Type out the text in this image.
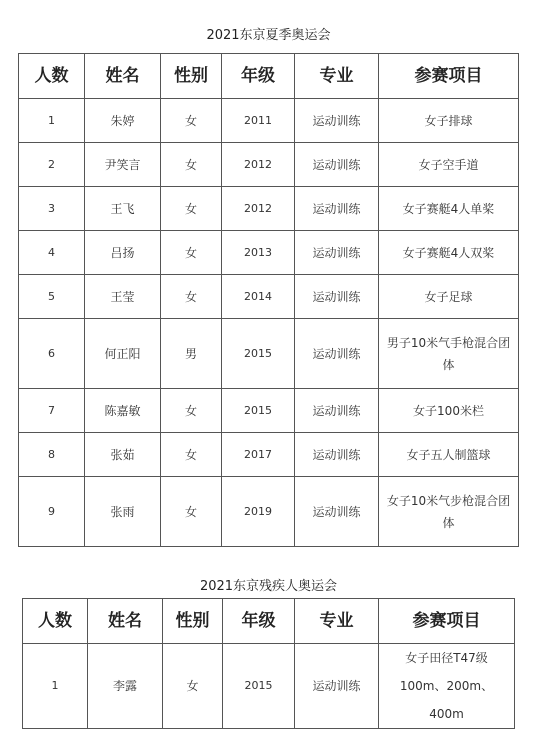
2021东京夏季奥运会
人数	姓名	性别	年级	专业	参赛项目
1	朱婷	女	2011	运动训练	女子排球
2	尹笑言	女	2012	运动训练	女子空手道
3	王飞	女	2012	运动训练	女子赛艇4人单桨
4	吕扬	女	2013	运动训练	女子赛艇4人双桨
5	王莹	女	2014	运动训练	女子足球
6	何正阳	男	2015	运动训练	男子10米气手枪混合团体
7	陈嘉敏	女	2015	运动训练	女子100米栏
8	张茹	女	2017	运动训练	女子五人制篮球
9	张雨	女	2019	运动训练	女子10米气步枪混合团体
2021东京残疾人奥运会
人数	姓名	性别	年级	专业	参赛项目
1	李露	女	2015	运动训练	女子田径T47级
100m、200m、400m
